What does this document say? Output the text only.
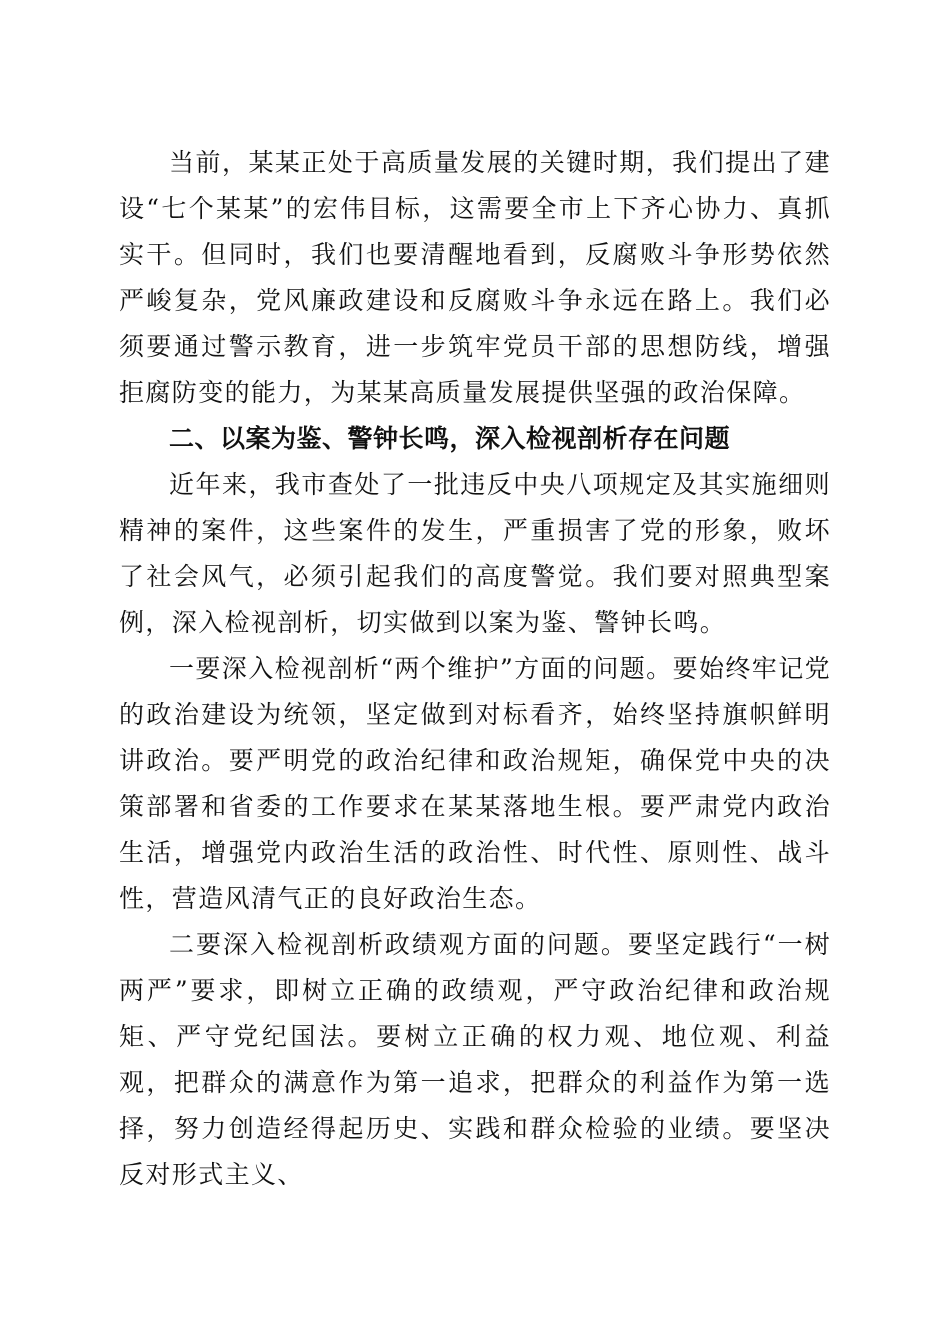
当前，某某正处于高质量发展的关键时期，我们提出了建设“七个某某”的宏伟目标，这需要全市上下齐心协力、真抓实干。但同时，我们也要清醒地看到，反腐败斗争形势依然严峻复杂，党风廉政建设和反腐败斗争永远在路上。我们必须要通过警示教育，进一步筑牢党员干部的思想防线，增强拒腐防变的能力，为某某高质量发展提供坚强的政治保障。

二、以案为鉴、警钟长鸣，深入检视剖析存在问题

近年来，我市查处了一批违反中央八项规定及其实施细则精神的案件，这些案件的发生，严重损害了党的形象，败坏了社会风气，必须引起我们的高度警觉。我们要对照典型案例，深入检视剖析，切实做到以案为鉴、警钟长鸣。

一要深入检视剖析“两个维护”方面的问题。要始终牢记党的政治建设为统领，坚定做到对标看齐，始终坚持旗帜鲜明讲政治。要严明党的政治纪律和政治规矩，确保党中央的决策部署和省委的工作要求在某某落地生根。要严肃党内政治生活，增强党内政治生活的政治性、时代性、原则性、战斗性，营造风清气正的良好政治生态。

二要深入检视剖析政绩观方面的问题。要坚定践行“一树两严”要求，即树立正确的政绩观，严守政治纪律和政治规矩、严守党纪国法。要树立正确的权力观、地位观、利益观，把群众的满意作为第一追求，把群众的利益作为第一选择，努力创造经得起历史、实践和群众检验的业绩。要坚决反对形式主义、
